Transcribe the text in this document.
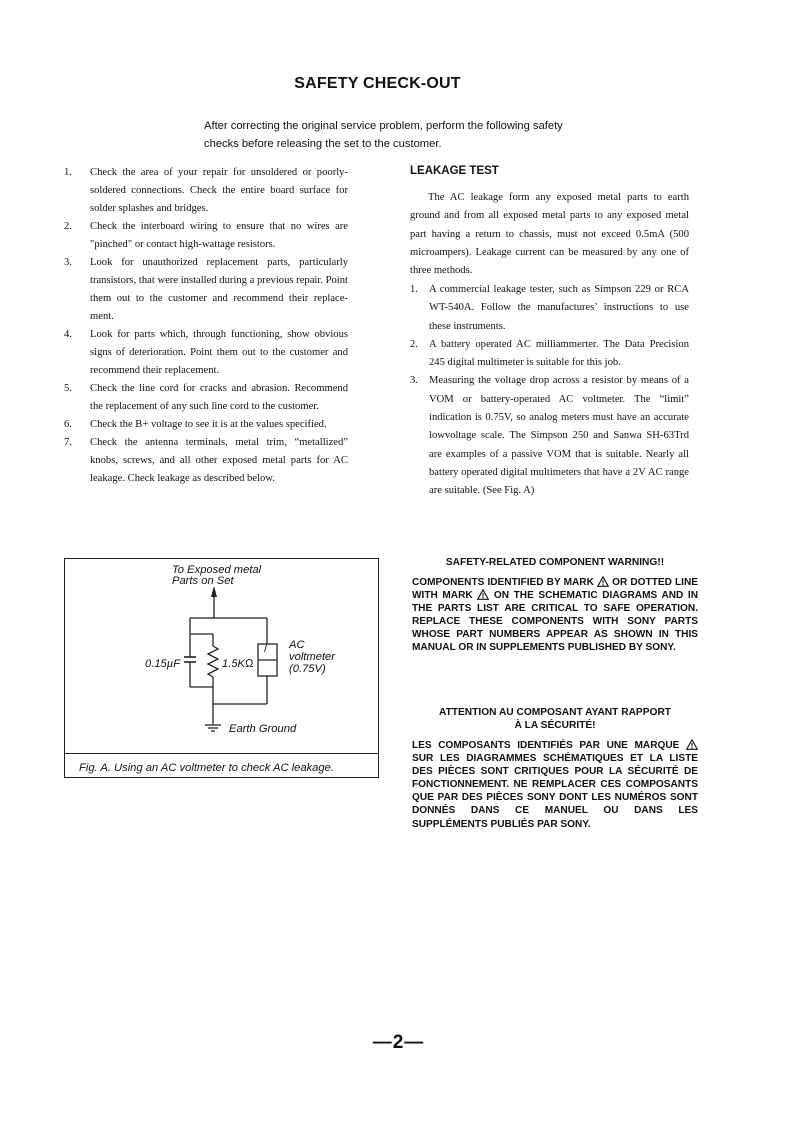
SAFETY CHECK-OUT
After correcting the original service problem, perform the following safety checks before releasing the set to the customer.
1. Check the area of your repair for unsoldered or poorly-soldered connections. Check the entire board surface for solder splashes and bridges.
2. Check the interboard wiring to ensure that no wires are "pinched" or contact high-wattage resistors.
3. Look for unauthorized replacement parts, particularly transistors, that were installed during a previous repair. Point them out to the customer and recommend their replace-ment.
4. Look for parts which, through functioning, show obvious signs of deterioration. Point them out to the customer and recommend their replacement.
5. Check the line cord for cracks and abrasion. Recommend the replacement of any such line cord to the customer.
6. Check the B+ voltage to see it is at the values specified.
7. Check the antenna terminals, metal trim, “metallized” knobs, screws, and all other exposed metal parts for AC leakage. Check leakage as described below.
LEAKAGE TEST
The AC leakage form any exposed metal parts to earth ground and from all exposed metal parts to any exposed metal part having a return to chassis, must not exceed 0.5mA (500 microampers). Leakage current can be measured by any one of three methods.
1. A commercial leakage tester, such as Simpson 229 or RCA WT-540A. Follow the manufactures’ instructions to use these instruments.
2. A battery operated AC milliammerter. The Data Precision 245 digital multimeter is suitable for this job.
3. Measuring the voltage drop across a resistor by means of a VOM or battery-operated AC voltmeter. The “limit” indication is 0.75V, so analog meters must have an accurate lowvoltage scale. The Simpson 250 and Sanwa SH-63Trd are examples of a passive VOM that is suitable. Nearly all battery operated digital multimeters that have a 2V AC range are suitable. (See Fig. A)
To Exposed metal
Parts on Set
AC
voltmeter
(0.75V)
0.15µF	1.5KΩ
/
Earth Ground
Fig. A. Using an AC voltmeter to check AC leakage.
SAFETY-RELATED COMPONENT WARNING!!
COMPONENTS IDENTIFIED BY MARK OR DOTTED LINE WITH MARK ON THE SCHEMATIC DIAGRAMS AND IN THE PARTS LIST ARE CRITICAL TO SAFE OPERATION. REPLACE THESE COMPONENTS WITH SONY PARTS WHOSE PART NUMBERS APPEAR AS SHOWN IN THIS MANUAL OR IN SUPPLEMENTS PUBLISHED BY SONY.
ATTENTION AU COMPOSANT AYANT RAPPORT
À LA SÉCURITÉ!
LES COMPOSANTS IDENTIFIÉS PAR UNE MARQUE  SUR LES DIAGRAMMES SCHÉMATIQUES ET LA LISTE DES PIÈCES SONT CRITIQUES POUR LA SÉCURITÉ DE FONCTIONNEMENT. NE REMPLACER CES COMPOSANTS QUE PAR DES PIÈCES SONY DONT LES NUMÉROS SONT DONNÉS DANS CE MANUEL OU DANS LES SUPPLÉMENTS PUBLIÉS PAR SONY.
—2—
